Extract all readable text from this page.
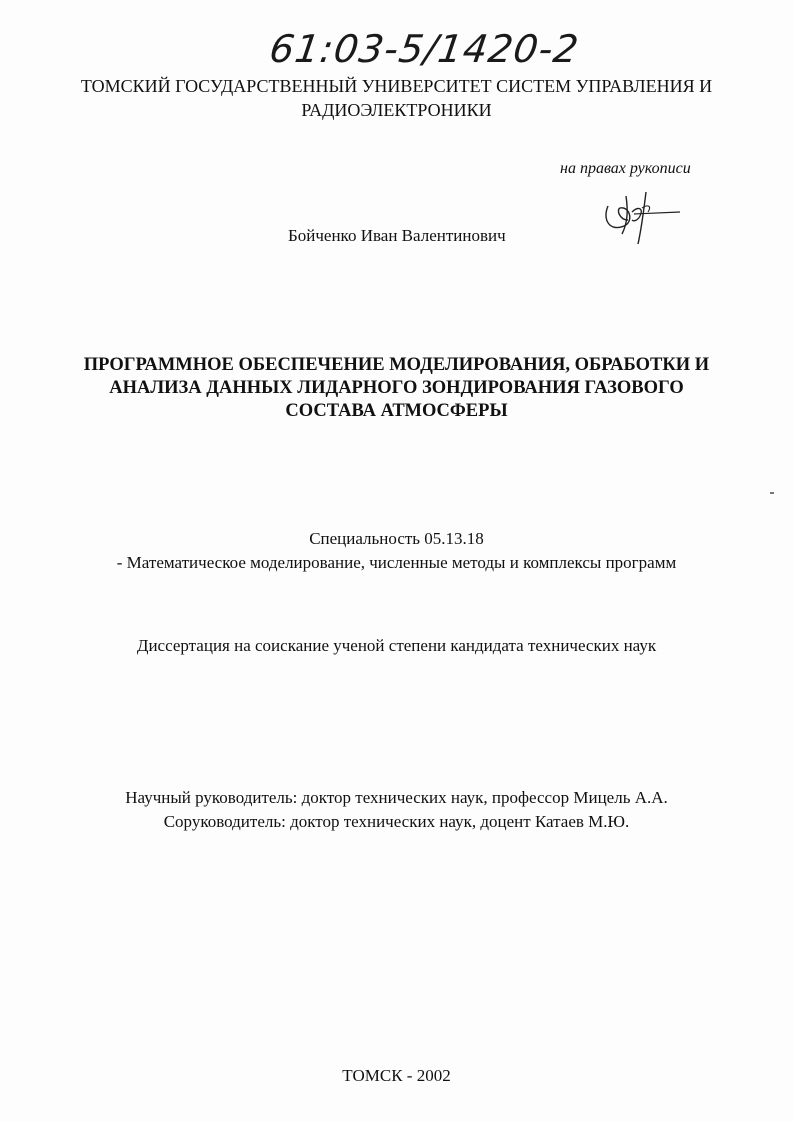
61:03-5/1420-2
ТОМСКИЙ ГОСУДАРСТВЕННЫЙ УНИВЕРСИТЕТ СИСТЕМ УПРАВЛЕНИЯ И
РАДИОЭЛЕКТРОНИКИ
на правах рукописи
Бойченко Иван Валентинович
ПРОГРАММНОЕ ОБЕСПЕЧЕНИЕ МОДЕЛИРОВАНИЯ, ОБРАБОТКИ И
АНАЛИЗА ДАННЫХ ЛИДАРНОГО ЗОНДИРОВАНИЯ ГАЗОВОГО
СОСТАВА АТМОСФЕРЫ
Специальность 05.13.18
- Математическое моделирование, численные методы и комплексы программ
Диссертация на соискание ученой степени кандидата технических наук
Научный руководитель: доктор технических наук, профессор Мицель А.А.
Соруководитель: доктор технических наук, доцент Катаев М.Ю.
ТОМСК - 2002
